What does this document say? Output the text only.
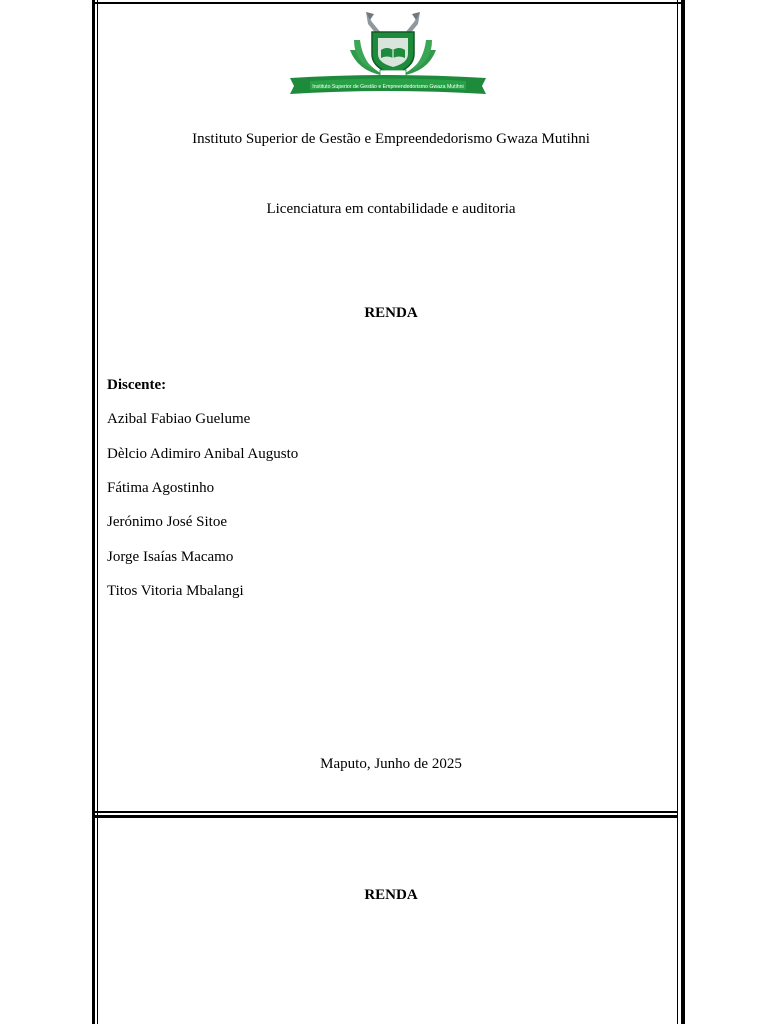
Instituto Superior de Gestão e Empreendedorismo Gwaza Mutihni
Instituto Superior de Gestão e Empreendedorismo Gwaza Mutihni
Licenciatura em contabilidade e auditoria
RENDA
Discente:
Azibal Fabiao Guelume
Dèlcio Adimiro Anibal Augusto
Fátima Agostinho
Jerónimo José Sitoe
Jorge Isaías Macamo
Titos Vitoria Mbalangi
Maputo, Junho de 2025
RENDA
